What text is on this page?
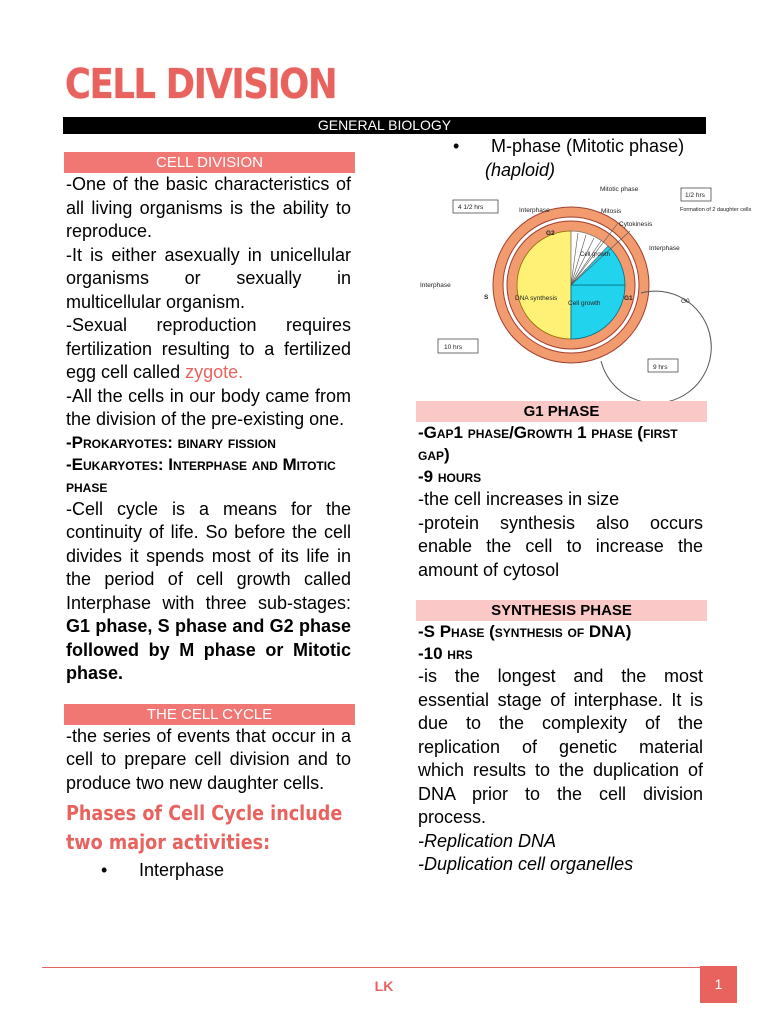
CELL DIVISION
GENERAL BIOLOGY
CELL DIVISION
-One of the basic characteristics of all living organisms is the ability to reproduce.
-It is either asexually in unicellular organisms or sexually in multicellular organism.
-Sexual reproduction requires fertilization resulting to a fertilized egg cell called zygote.
-All the cells in our body came from the division of the pre-existing one.
-Prokaryotes: binary fission
-Eukaryotes: Interphase and Mitotic phase
-Cell cycle is a means for the continuity of life. So before the cell divides it spends most of its life in the period of cell growth called Interphase with three sub-stages: G1 phase, S phase and G2 phase followed by M phase or Mitotic phase.
THE CELL CYCLE
-the series of events that occur in a cell to prepare cell division and to produce two new daughter cells.
Phases of Cell Cycle include two major activities:
•	Interphase
•	M-phase (Mitotic phase)
(haploid)
4 1/2 hrs	Interphase
Mitotic phase
Mitosis
Cytokinesis
1/2 hrs
Formation of 2 daughter cells
Interphase
Interphase
G2
S	G1	G0
Cell growth
DNA synthesis
Cell growth
10 hrs
9 hrs
G1 PHASE
-Gap1 phase/Growth 1 phase (first gap)
-9 hours
-the cell increases in size
-protein synthesis also occurs enable the cell to increase the amount of cytosol
SYNTHESIS PHASE
-S Phase (synthesis of DNA)
-10 hrs
-is the longest and the most essential stage of interphase. It is due to the complexity of the replication of genetic material which results to the duplication of DNA prior to the cell division process.
-Replication DNA
-Duplication cell organelles
LK	1
